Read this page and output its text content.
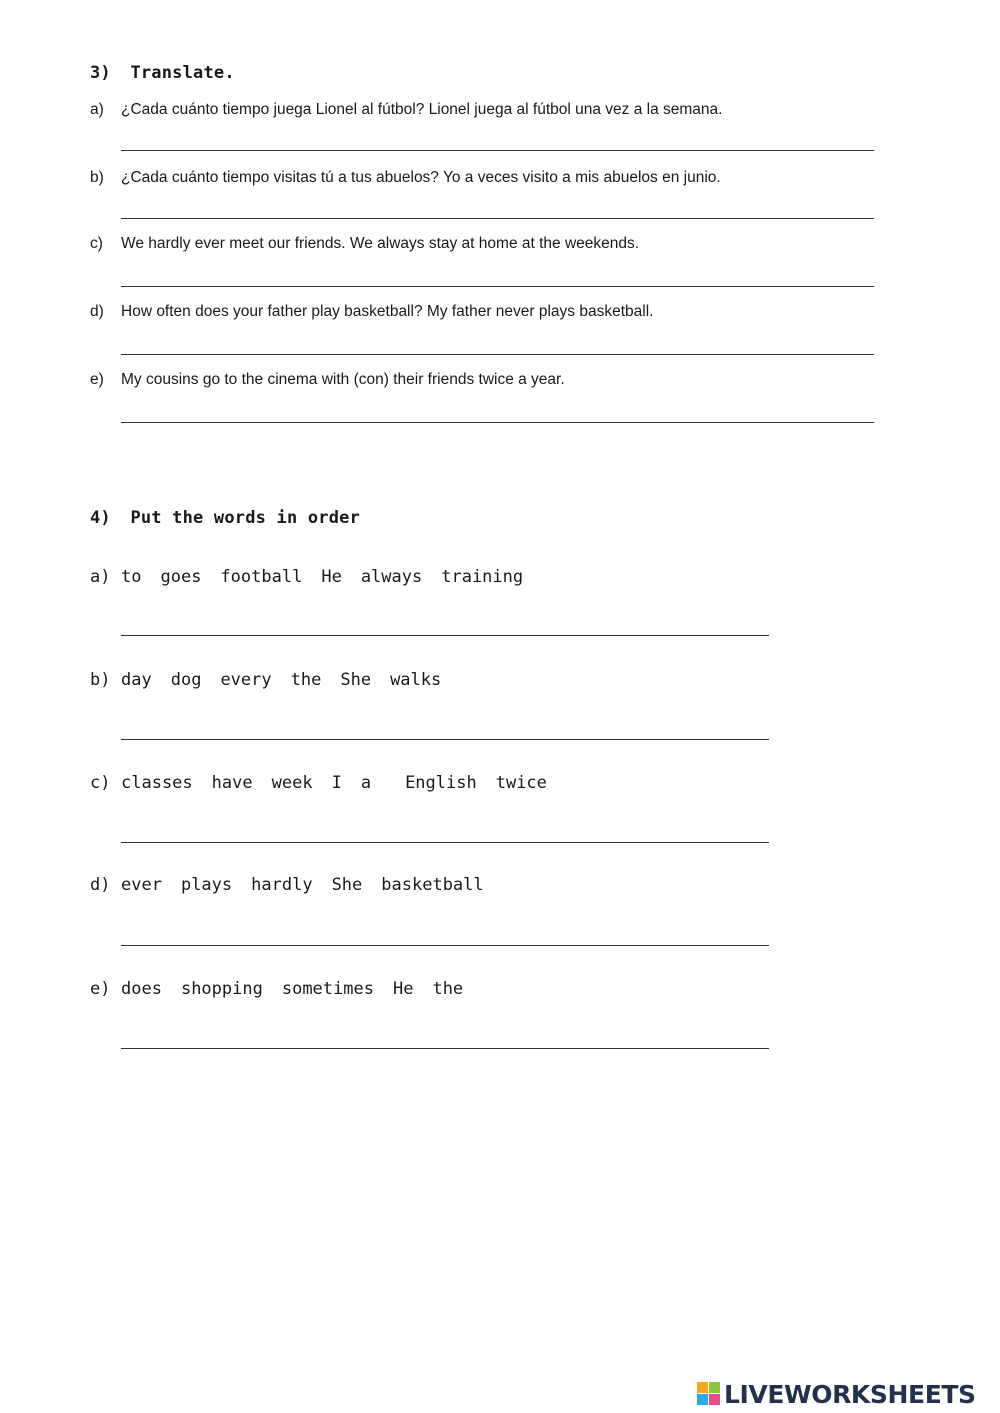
3) Translate.
a)	¿Cada cuánto tiempo juega Lionel al fútbol? Lionel juega al fútbol una vez a la semana.
b)	¿Cada cuánto tiempo visitas tú a tus abuelos? Yo a veces visito a mis abuelos en junio.
c)	We hardly ever meet our friends. We always stay at home at the weekends.
d)	How often does your father play basketball? My father never plays basketball.
e)	My cousins go to the cinema with (con) their friends twice a year.
4) Put the words in order
a) to goes football He always training
b) day dog every the She walks
c) classes have week I a English twice
d) ever plays hardly She basketball
e) does shopping sometimes He the
LIVEWORKSHEETS
